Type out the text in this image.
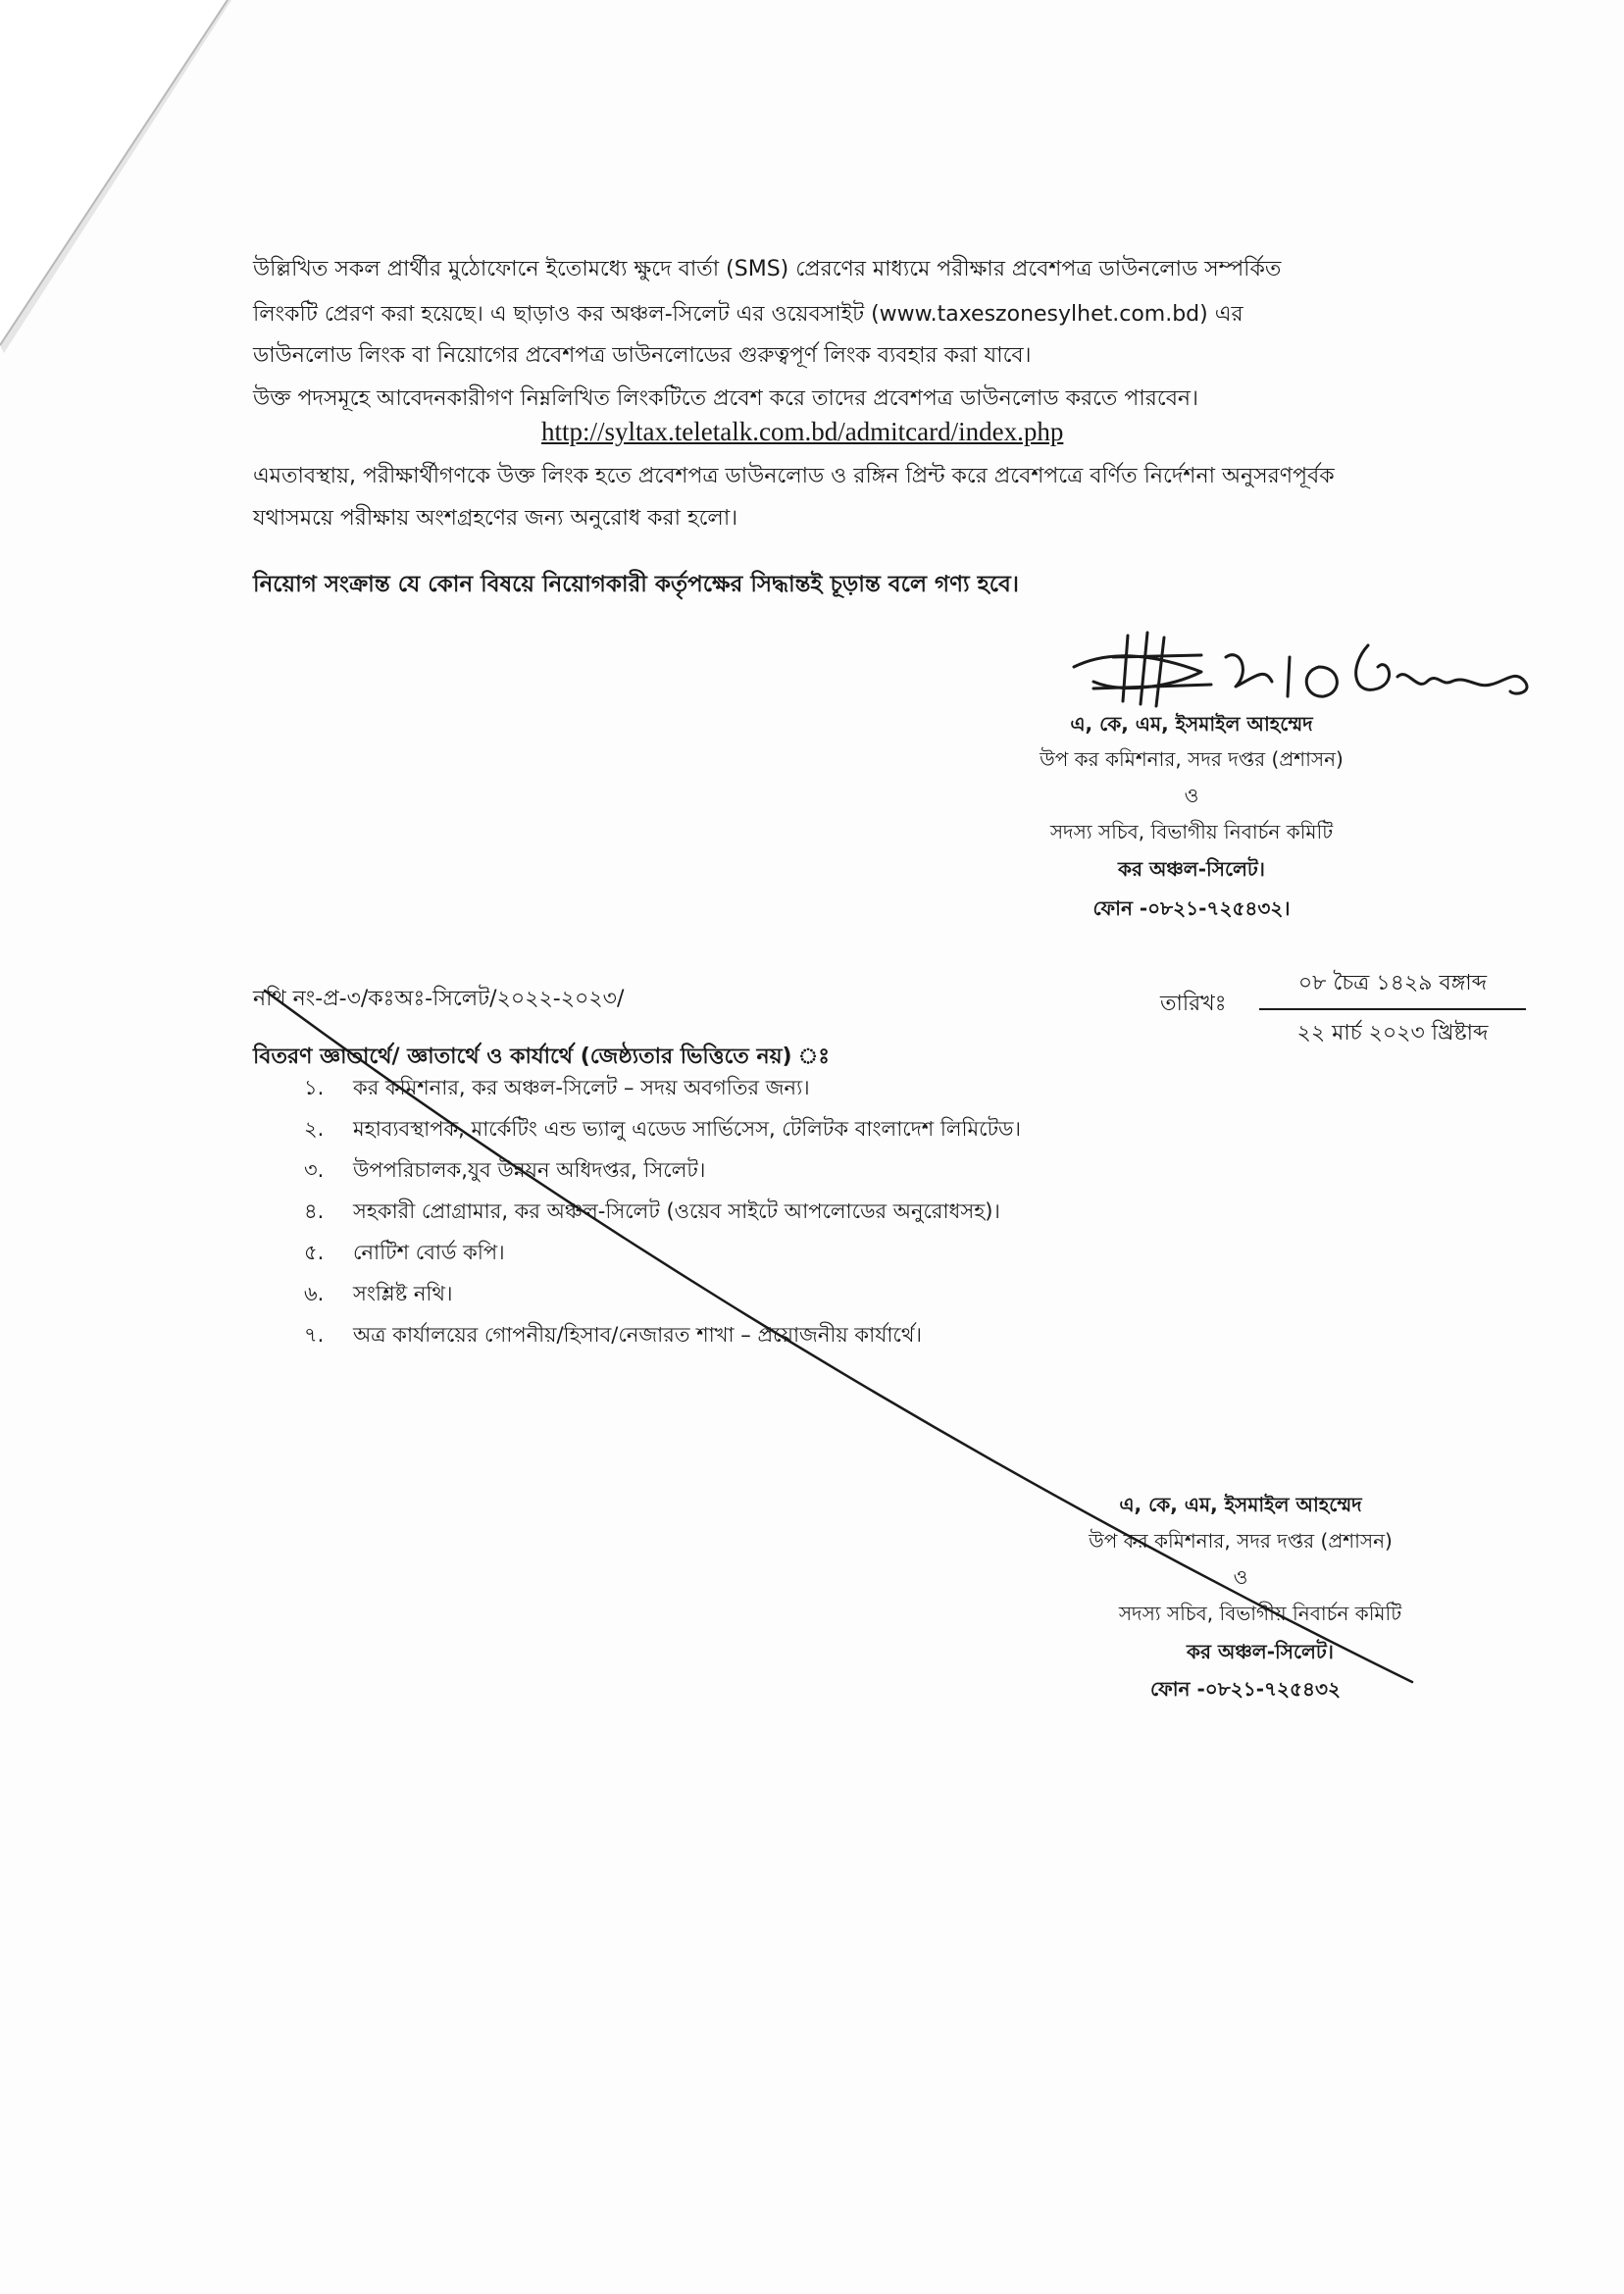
উল্লিখিত সকল প্রার্থীর মুঠোফোনে ইতোমধ্যে ক্ষুদে বার্তা (SMS) প্রেরণের মাধ্যমে পরীক্ষার প্রবেশপত্র ডাউনলোড সম্পর্কিত

লিংকটি প্রেরণ করা হয়েছে। এ ছাড়াও কর অঞ্চল-সিলেট এর ওয়েবসাইট (www.taxeszonesylhet.com.bd) এর

ডাউনলোড লিংক বা নিয়োগের প্রবেশপত্র ডাউনলোডের গুরুত্বপূর্ণ লিংক ব্যবহার করা যাবে।

উক্ত পদসমূহে আবেদনকারীগণ নিম্নলিখিত লিংকটিতে প্রবেশ করে তাদের প্রবেশপত্র ডাউনলোড করতে পারবেন।

http://syltax.teletalk.com.bd/admitcard/index.php

এমতাবস্থায়, পরীক্ষার্থীগণকে উক্ত লিংক হতে প্রবেশপত্র ডাউনলোড ও রঙ্গিন প্রিন্ট করে প্রবেশপত্রে বর্ণিত নির্দেশনা অনুসরণপূর্বক

যথাসময়ে পরীক্ষায় অংশগ্রহণের জন্য অনুরোধ করা হলো।

নিয়োগ সংক্রান্ত যে কোন বিষয়ে নিয়োগকারী কর্তৃপক্ষের সিদ্ধান্তই চূড়ান্ত বলে গণ্য হবে।

এ, কে, এম, ইসমাইল আহম্মেদ
উপ কর কমিশনার, সদর দপ্তর (প্রশাসন)
ও
সদস্য সচিব, বিভাগীয় নিবার্চন কমিটি
কর অঞ্চল-সিলেট।
ফোন -০৮২১-৭২৫৪৩২।
নথি নং-প্র-৩/কঃঅঃ-সিলেট/২০২২-২০২৩/	তারিখঃ
০৮ চৈত্র ১৪২৯ বঙ্গাব্দ
২২ মার্চ ২০২৩ খ্রিষ্টাব্দ
বিতরণ জ্ঞাতার্থে/ জ্ঞাতার্থে ও কার্যার্থে (জেষ্ঠ্যতার ভিত্তিতে নয়) ঃ
১.	কর কমিশনার, কর অঞ্চল-সিলেট – সদয় অবগতির জন্য।
২.	মহাব্যবস্থাপক, মার্কেটিং এন্ড ভ্যালু এডেড সার্ভিসেস, টেলিটক বাংলাদেশ লিমিটেড।
৩.	উপপরিচালক,যুব উন্নয়ন অধিদপ্তর, সিলেট।
৪.	সহকারী প্রোগ্রামার, কর অঞ্চল-সিলেট (ওয়েব সাইটে আপলোডের অনুরোধসহ)।
৫.	নোটিশ বোর্ড কপি।
৬.	সংশ্লিষ্ট নথি।
৭.	অত্র কার্যালয়ের গোপনীয়/হিসাব/নেজারত শাখা – প্রয়োজনীয় কার্যার্থে।
এ, কে, এম, ইসমাইল আহম্মেদ
উপ কর কমিশনার, সদর দপ্তর (প্রশাসন)
ও
সদস্য সচিব, বিভাগীয় নিবার্চন কমিটি
কর অঞ্চল-সিলেট।
ফোন -০৮২১-৭২৫৪৩২
